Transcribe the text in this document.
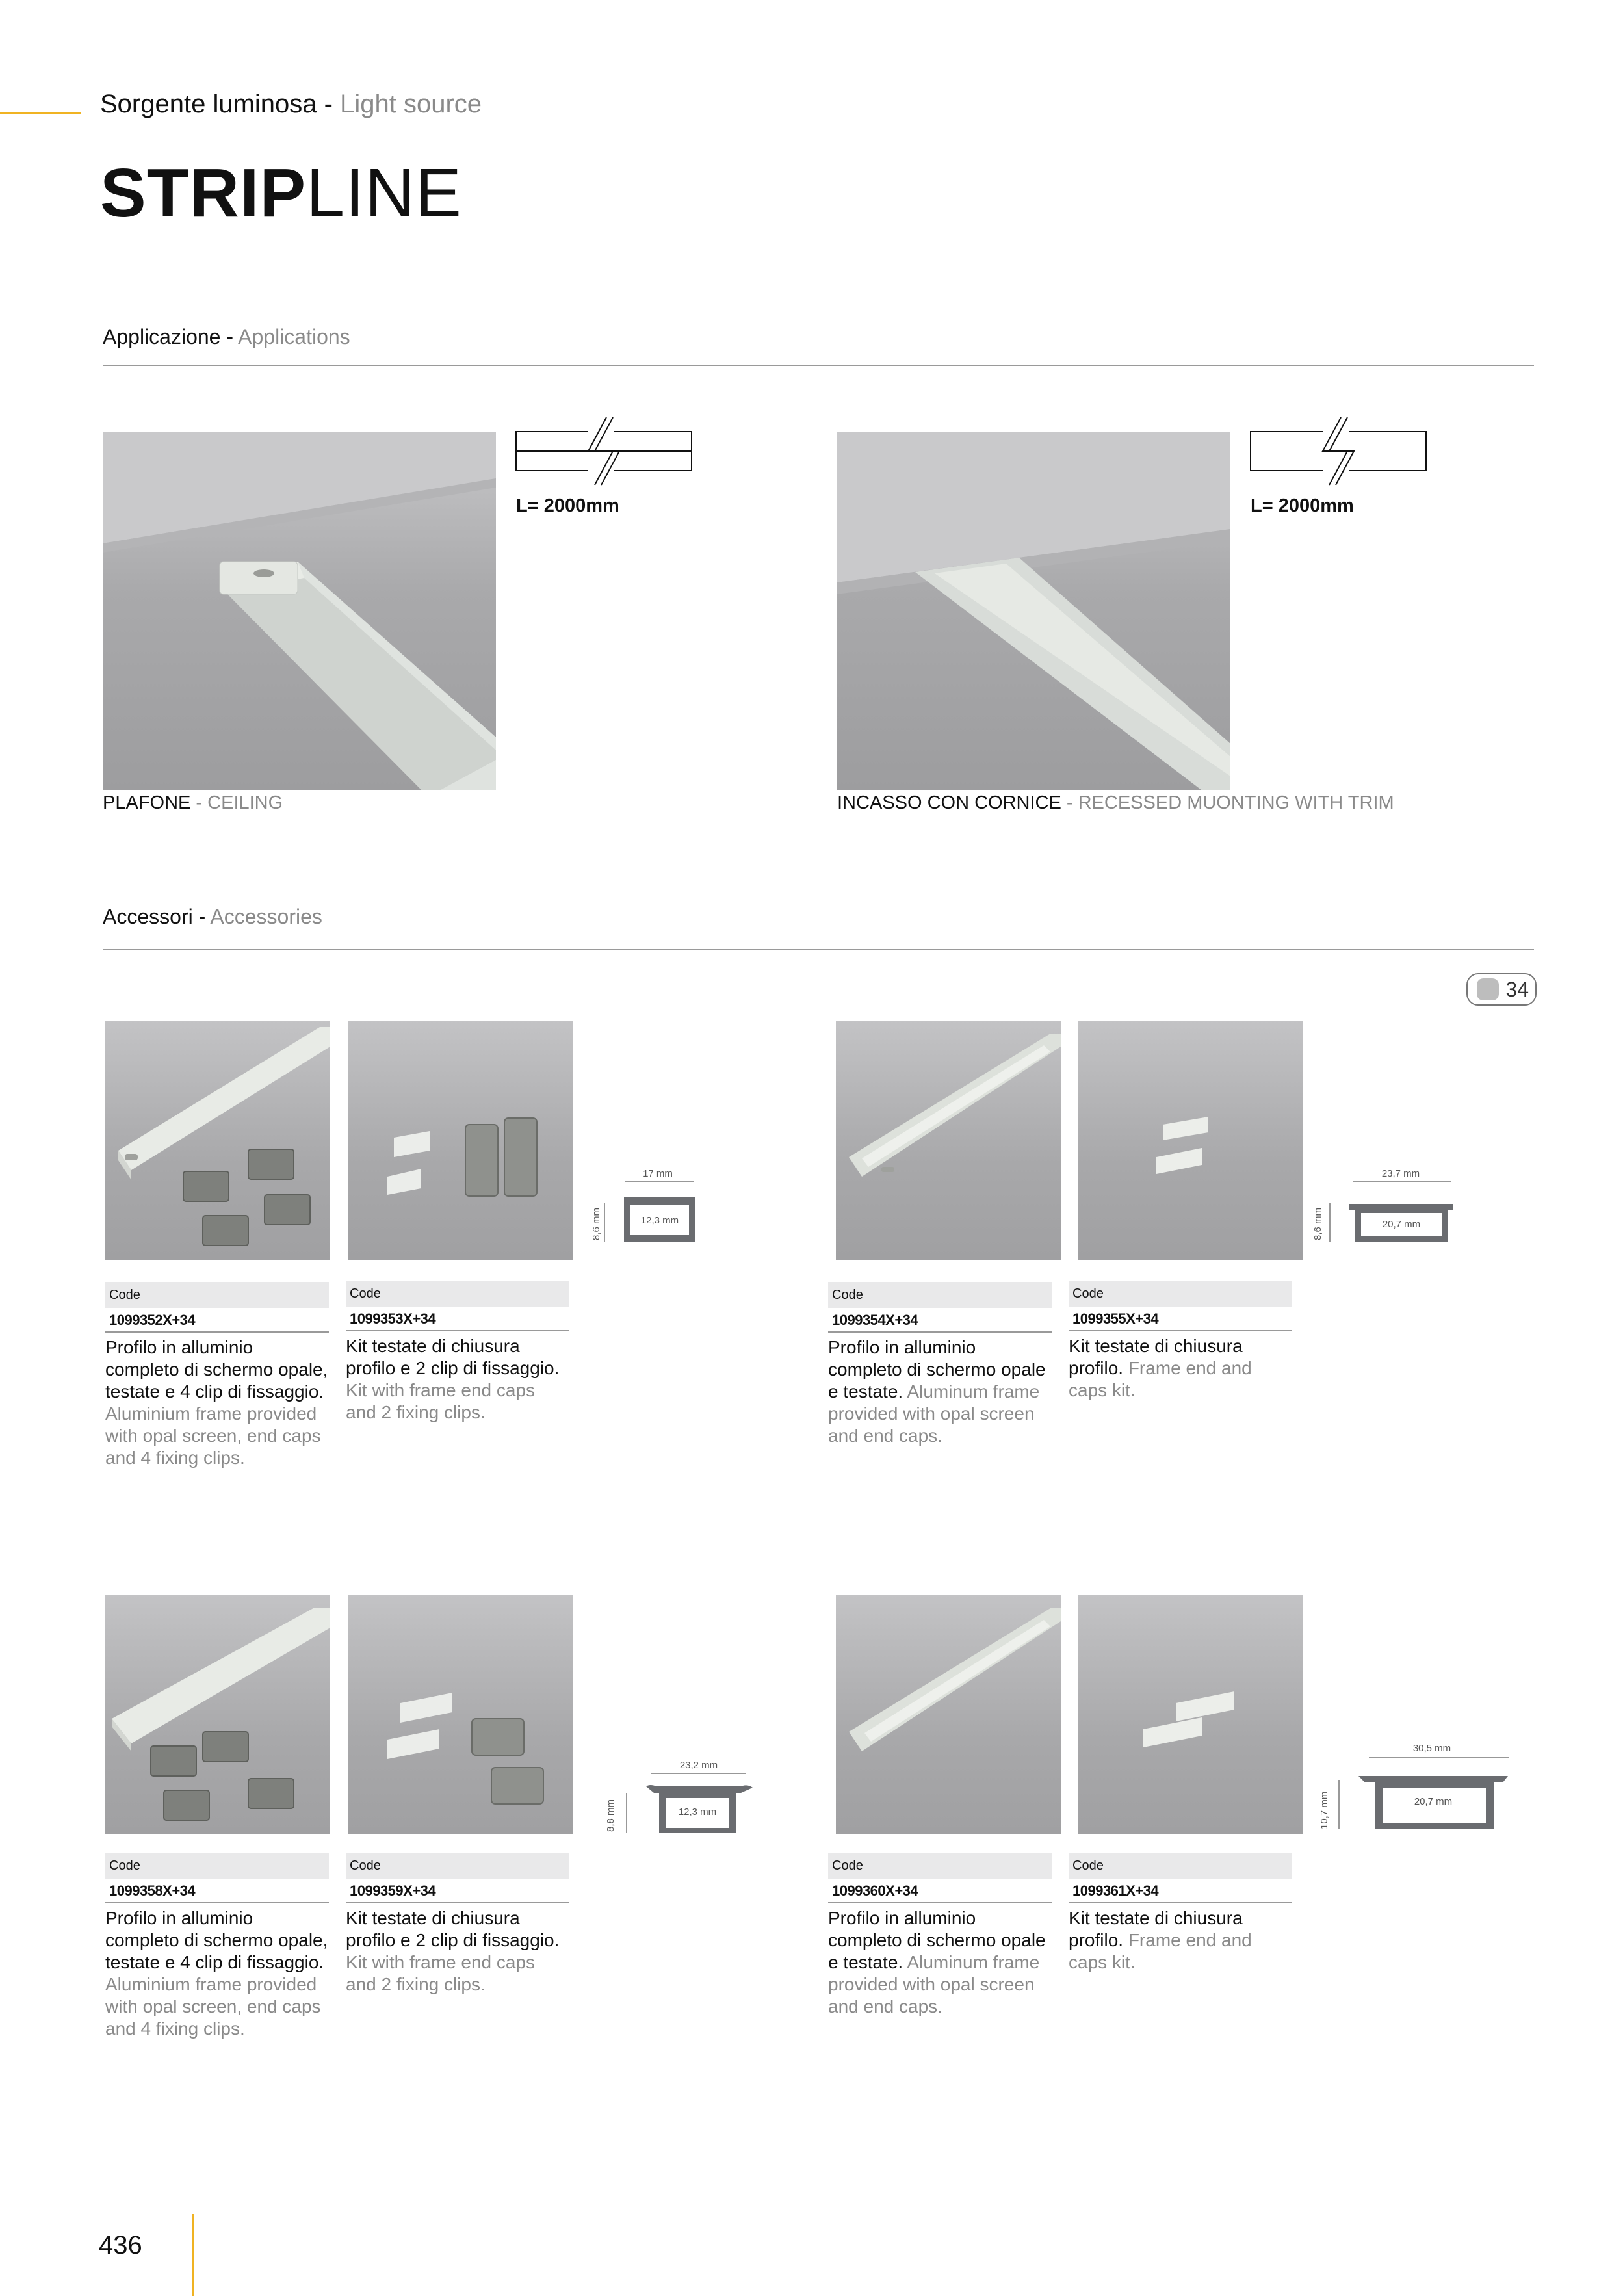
Sorgente luminosa - Light source
STRIPLINE
Applicazione - Applications
L= 2000mm
PLAFONE - CEILING
L= 2000mm
INCASSO CON CORNICE - RECESSED MUONTING WITH TRIM
Accessori - Accessories
34
17 mm
8,6 mm	12,3 mm
23,7 mm
8,6 mm	20,7 mm
Code
1099352X+34
Profilo in alluminio completo di schermo opale, testate e 4 clip di fissaggio. Aluminium frame provided with opal screen, end caps and 4 fixing clips.
Code
1099353X+34
Kit testate di chiusura profilo e 2 clip di fissaggio. Kit with frame end caps and 2 fixing clips.
Code
1099354X+34
Profilo in alluminio completo di schermo opale e testate. Aluminum frame provided with opal screen and end caps.
Code
1099355X+34
Kit testate di chiusura profilo. Frame end and caps kit.
23,2 mm
8,8 mm	12,3 mm
30,5 mm
10,7 mm	20,7 mm
Code
1099358X+34
Profilo in alluminio completo di schermo opale, testate e 4 clip di fissaggio. Aluminium frame provided with opal screen, end caps and 4 fixing clips.
Code
1099359X+34
Kit testate di chiusura profilo e 2 clip di fissaggio. Kit with frame end caps and 2 fixing clips.
Code
1099360X+34
Profilo in alluminio completo di schermo opale e testate. Aluminum frame provided with opal screen and end caps.
Code
1099361X+34
Kit testate di chiusura profilo. Frame end and caps kit.
436
